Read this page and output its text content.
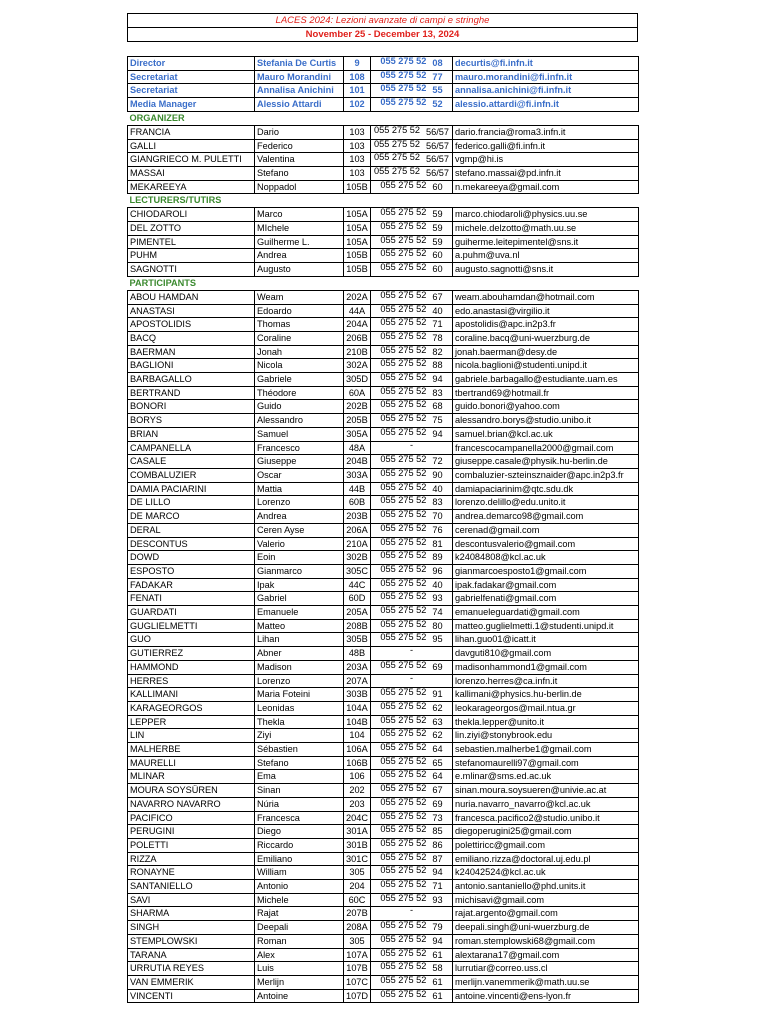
LACES 2024: Lezioni avanzate di campi e stringhe
November 25 - December 13, 2024

Director	Stefania De Curtis	9	055 275 52 08	decurtis@fi.infn.it
Secretariat	Mauro Morandini	108	055 275 52 77	mauro.morandini@fi.infn.it
Secretariat	Annalisa Anichini	101	055 275 52 55	annalisa.anichini@fi.infn.it
Media Manager	Alessio Attardi	102	055 275 52 52	alessio.attardi@fi.infn.it
ORGANIZER				
FRANCIA	Dario	103	055 275 52 56/57	dario.francia@roma3.infn.it
GALLI	Federico	103	055 275 52 56/57	federico.galli@fi.infn.it
GIANGRIECO M. PULETTI	Valentina	103	055 275 52 56/57	vgmp@hi.is
MASSAI	Stefano	103	055 275 52 56/57	stefano.massai@pd.infn.it
MEKAREEYA	Noppadol	105B	055 275 52 60	n.mekareeya@gmail.com
LECTURERS/TUTIRS				
CHIODAROLI	Marco	105A	055 275 52 59	marco.chiodaroli@physics.uu.se
DEL ZOTTO	MIchele	105A	055 275 52 59	michele.delzotto@math.uu.se
PIMENTEL	Guilherme L.	105A	055 275 52 59	guiherme.leitepimentel@sns.it
PUHM	Andrea	105B	055 275 52 60	a.puhm@uva.nl
SAGNOTTI	Augusto	105B	055 275 52 60	augusto.sagnotti@sns.it
PARTICIPANTS				
ABOU HAMDAN	Weam	202A	055 275 52 67	weam.abouhamdan@hotmail.com
ANASTASI	Edoardo	44A	055 275 52 40	edo.anastasi@virgilio.it
APOSTOLIDIS	Thomas	204A	055 275 52 71	apostolidis@apc.in2p3.fr
BACQ	Coraline	206B	055 275 52 78	coraline.bacq@uni-wuerzburg.de
BAERMAN	Jonah	210B	055 275 52 82	jonah.baerman@desy.de
BAGLIONI	Nicola	302A	055 275 52 88	nicola.baglioni@studenti.unipd.it
BARBAGALLO	Gabriele	305D	055 275 52 94	gabriele.barbagallo@estudiante.uam.es
BERTRAND	Théodore	60A	055 275 52 83	tbertrand69@hotmail.fr
BONORI	Guido	202B	055 275 52 68	guido.bonori@yahoo.com
BORYS	Alessandro	205B	055 275 52 75	alessandro.borys@studio.unibo.it
BRIAN	Samuel	305A	055 275 52 94	samuel.brian@kcl.ac.uk
CAMPANELLA	Francesco	48A	-	francescocampanella2000@gmail.com
CASALE	Giuseppe	204B	055 275 52 72	giuseppe.casale@physik.hu-berlin.de
COMBALUZIER	Oscar	303A	055 275 52 90	combaluzier-szteinsznaider@apc.in2p3.fr
DAMIA PACIARINI	Mattia	44B	055 275 52 40	damiapaciarinim@qtc.sdu.dk
DE LILLO	Lorenzo	60B	055 275 52 83	lorenzo.delillo@edu.unito.it
DE MARCO	Andrea	203B	055 275 52 70	andrea.demarco98@gmail.com
DERAL	Ceren Ayse	206A	055 275 52 76	cerenad@gmail.com
DESCONTUS	Valerio	210A	055 275 52 81	descontusvalerio@gmail.com
DOWD	Eoin	302B	055 275 52 89	k24084808@kcl.ac.uk
ESPOSTO	Gianmarco	305C	055 275 52 96	gianmarcoesposto1@gmail.com
FADAKAR	Ipak	44C	055 275 52 40	ipak.fadakar@gmail.com
FENATI	Gabriel	60D	055 275 52 93	gabrielfenati@gmail.com
GUARDATI	Emanuele	205A	055 275 52 74	emanueleguardati@gmail.com
GUGLIELMETTI	Matteo	208B	055 275 52 80	matteo.guglielmetti.1@studenti.unipd.it
GUO	Lihan	305B	055 275 52 95	lihan.guo01@icatt.it
GUTIERREZ	Abner	48B	-	davguti810@gmail.com
HAMMOND	Madison	203A	055 275 52 69	madisonhammond1@gmail.com
HERRES	Lorenzo	207A	-	lorenzo.herres@ca.infn.it
KALLIMANI	Maria Foteini	303B	055 275 52 91	kallimani@physics.hu-berlin.de
KARAGEORGOS	Leonidas	104A	055 275 52 62	leokarageorgos@mail.ntua.gr
LEPPER	Thekla	104B	055 275 52 63	thekla.lepper@unito.it
LIN	Ziyi	104	055 275 52 62	lin.ziyi@stonybrook.edu
MALHERBE	Sébastien	106A	055 275 52 64	sebastien.malherbe1@gmail.com
MAURELLI	Stefano	106B	055 275 52 65	stefanomaurelli97@gmail.com
MLINAR	Ema	106	055 275 52 64	e.mlinar@sms.ed.ac.uk
MOURA SOYSÜREN	Sinan	202	055 275 52 67	sinan.moura.soysueren@univie.ac.at
NAVARRO NAVARRO	Núria	203	055 275 52 69	nuria.navarro_navarro@kcl.ac.uk
PACIFICO	Francesca	204C	055 275 52 73	francesca.pacifico2@studio.unibo.it
PERUGINI	Diego	301A	055 275 52 85	diegoperugini25@gmail.com
POLETTI	Riccardo	301B	055 275 52 86	polettiricc@gmail.com
RIZZA	Emiliano	301C	055 275 52 87	emiliano.rizza@doctoral.uj.edu.pl
RONAYNE	William	305	055 275 52 94	k24042524@kcl.ac.uk
SANTANIELLO	Antonio	204	055 275 52 71	antonio.santaniello@phd.units.it
SAVI	Michele	60C	055 275 52 93	michisavi@gmail.com
SHARMA	Rajat	207B	-	rajat.argento@gmail.com
SINGH	Deepali	208A	055 275 52 79	deepali.singh@uni-wuerzburg.de
STEMPLOWSKI	Roman	305	055 275 52 94	roman.stemplowski68@gmail.com
TARANA	Alex	107A	055 275 52 61	alextarana17@gmail.com
URRUTIA REYES	Luis	107B	055 275 52 58	lurrutiar@correo.uss.cl
VAN EMMERIK	Merlijn	107C	055 275 52 61	merlijn.vanemmerik@math.uu.se
VINCENTI	Antoine	107D	055 275 52 61	antoine.vincenti@ens-lyon.fr
